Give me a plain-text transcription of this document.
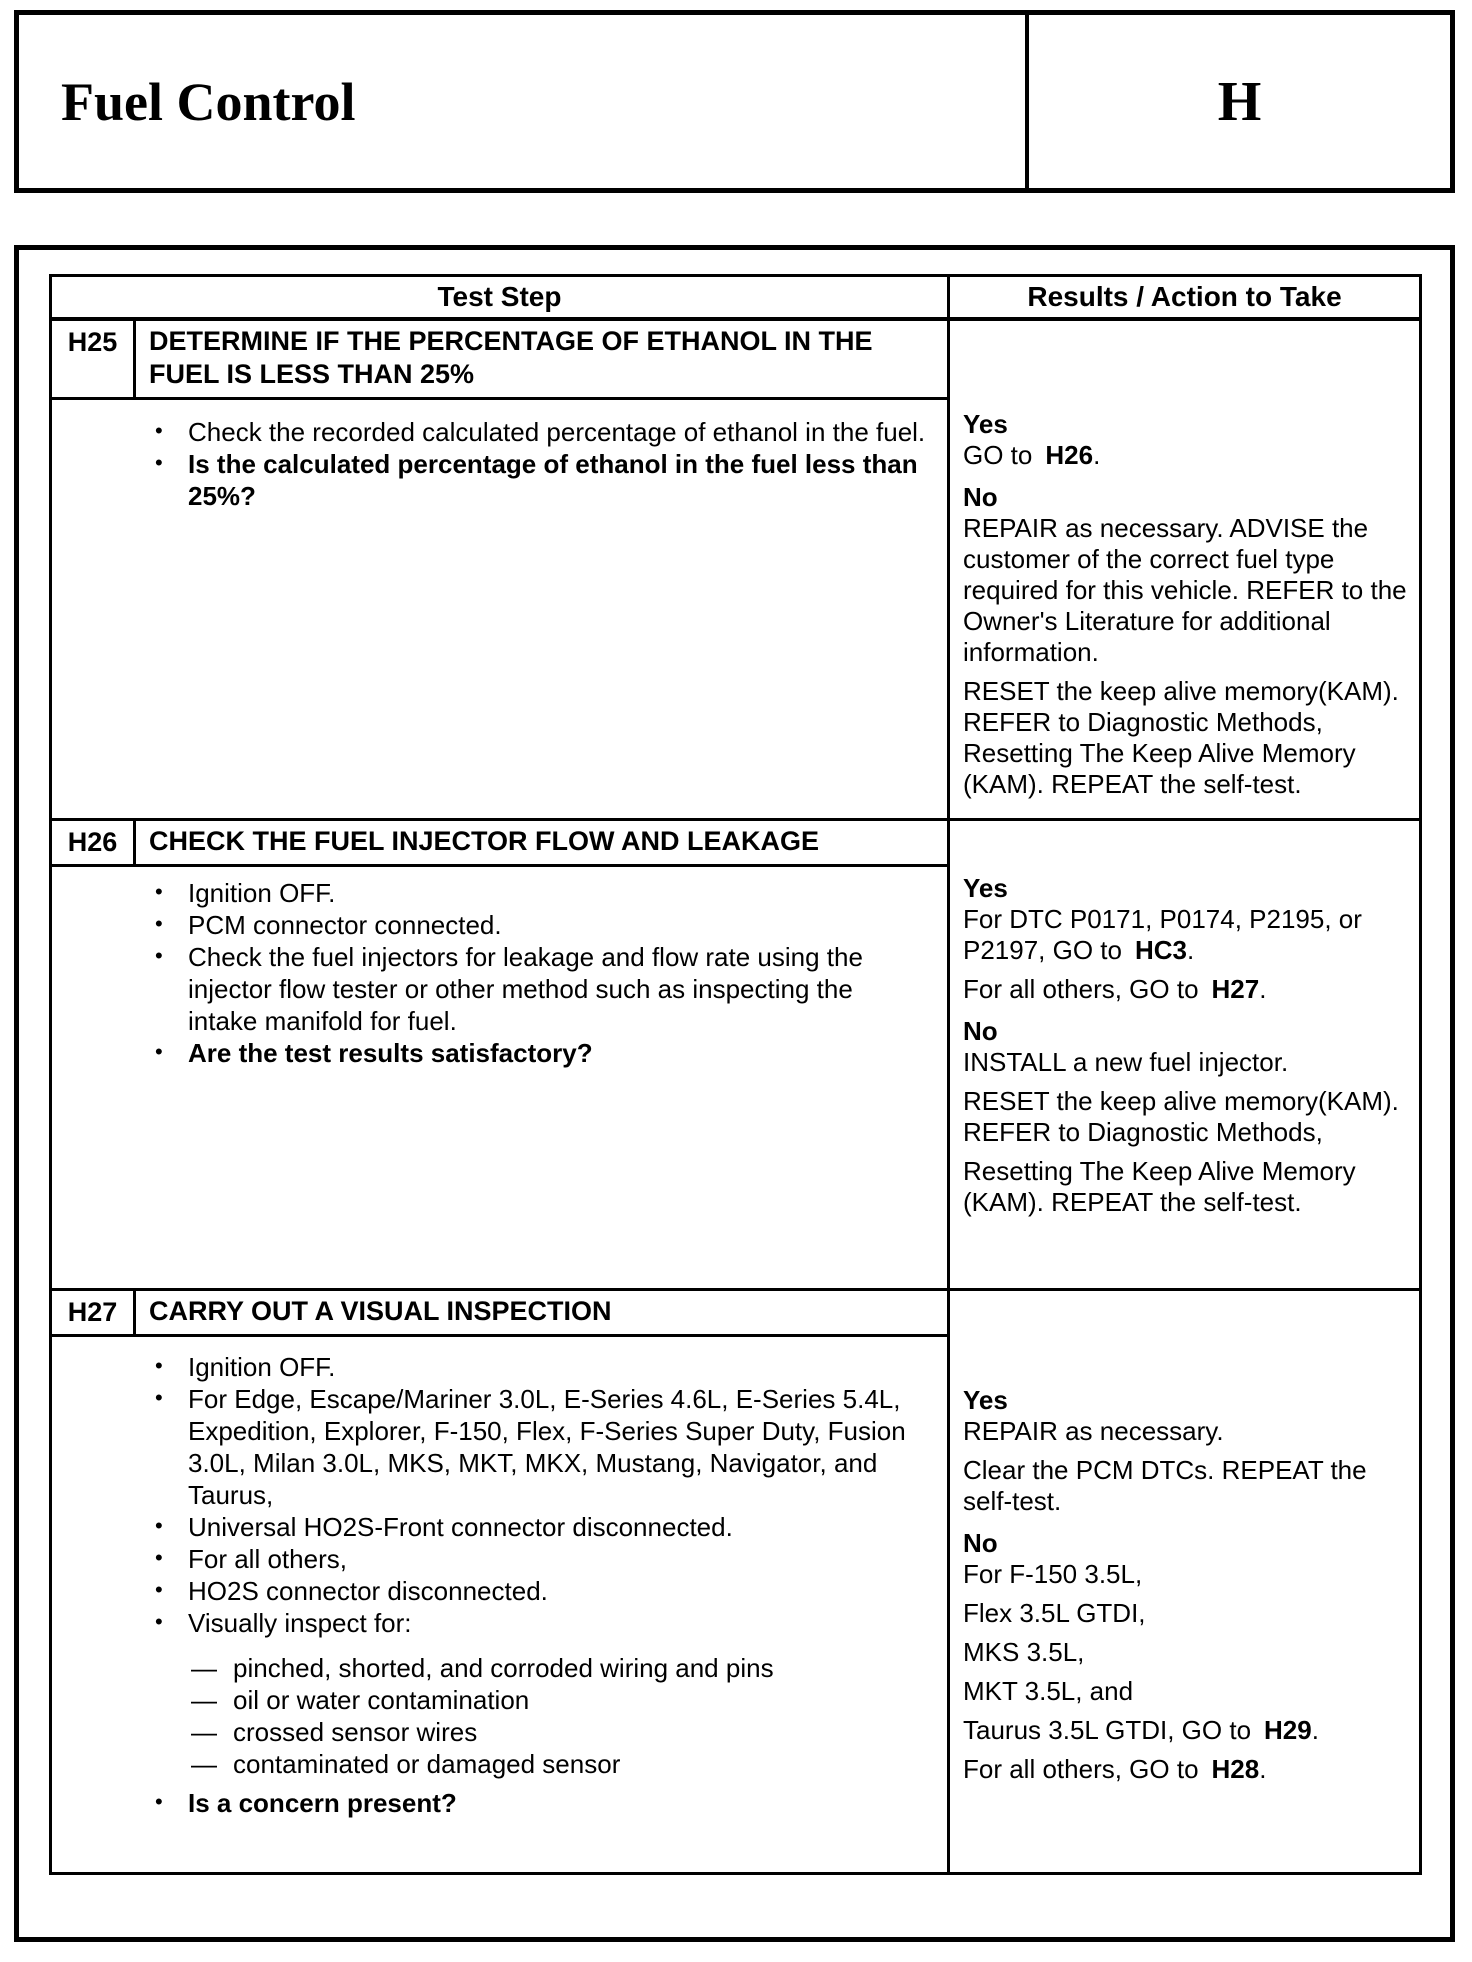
Fuel Control	H
Test Step	Results / Action to Take
H25	DETERMINE IF THE PERCENTAGE OF ETHANOL IN THE FUEL IS LESS THAN 25%
• Check the recorded calculated percentage of ethanol in the fuel.
• Is the calculated percentage of ethanol in the fuel less than 25%?
Yes
GO to H26.
No
REPAIR as necessary. ADVISE the customer of the correct fuel type required for this vehicle. REFER to the Owner's Literature for additional information.
RESET the keep alive memory(KAM). REFER to Diagnostic Methods, Resetting The Keep Alive Memory (KAM). REPEAT the self-test.
H26	CHECK THE FUEL INJECTOR FLOW AND LEAKAGE
• Ignition OFF.
• PCM connector connected.
• Check the fuel injectors for leakage and flow rate using the injector flow tester or other method such as inspecting the intake manifold for fuel.
• Are the test results satisfactory?
Yes
For DTC P0171, P0174, P2195, or P2197, GO to HC3.
For all others, GO to H27.
No
INSTALL a new fuel injector.
RESET the keep alive memory(KAM). REFER to Diagnostic Methods,
Resetting The Keep Alive Memory (KAM). REPEAT the self-test.
H27	CARRY OUT A VISUAL INSPECTION
• Ignition OFF.
• For Edge, Escape/Mariner 3.0L, E-Series 4.6L, E-Series 5.4L, Expedition, Explorer, F-150, Flex, F-Series Super Duty, Fusion 3.0L, Milan 3.0L, MKS, MKT, MKX, Mustang, Navigator, and Taurus,
• Universal HO2S-Front connector disconnected.
• For all others,
• HO2S connector disconnected.
• Visually inspect for:
— pinched, shorted, and corroded wiring and pins
— oil or water contamination
— crossed sensor wires
— contaminated or damaged sensor
• Is a concern present?
Yes
REPAIR as necessary.
Clear the PCM DTCs. REPEAT the self-test.
No
For F-150 3.5L,
Flex 3.5L GTDI,
MKS 3.5L,
MKT 3.5L, and
Taurus 3.5L GTDI, GO to H29.
For all others, GO to H28.
